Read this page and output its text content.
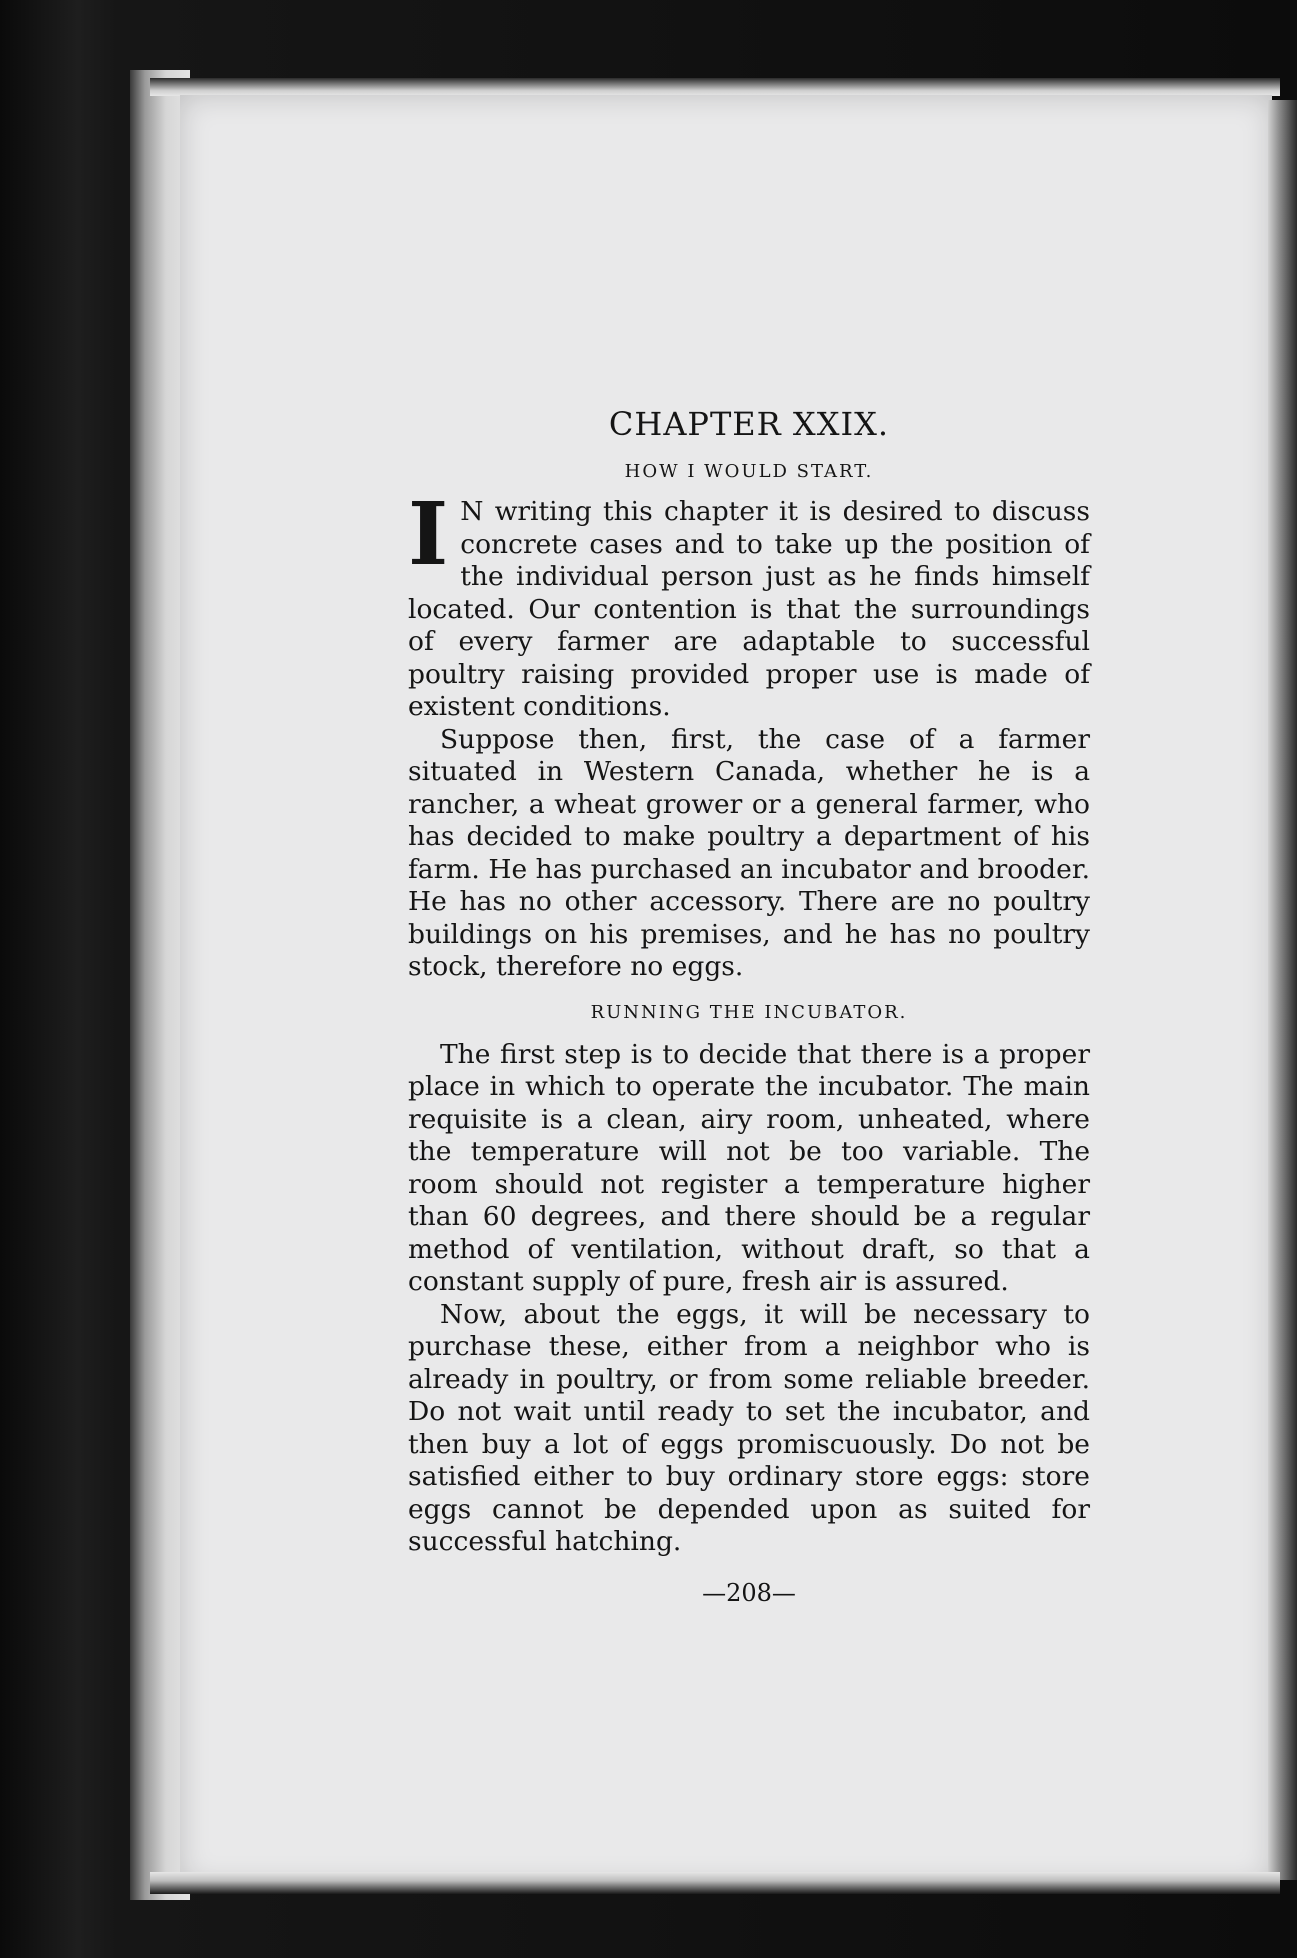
CHAPTER XXIX.
HOW I WOULD START.

I N writing this chapter it is desired to discuss concrete cases and to take up the position of the individual person just as he finds himself located. Our contention is that the surroundings of every farmer are adaptable to successful poultry raising provided proper use is made of existent conditions.

Suppose then, first, the case of a farmer situated in Western Canada, whether he is a rancher, a wheat grower or a general farmer, who has decided to make poultry a department of his farm. He has purchased an incubator and brooder. He has no other accessory. There are no poultry buildings on his premises, and he has no poultry stock, therefore no eggs.

RUNNING THE INCUBATOR.

The first step is to decide that there is a proper place in which to operate the incubator. The main requisite is a clean, airy room, unheated, where the temperature will not be too variable. The room should not register a temperature higher than 60 degrees, and there should be a regular method of ventilation, without draft, so that a constant supply of pure, fresh air is assured.

Now, about the eggs, it will be necessary to purchase these, either from a neighbor who is already in poultry, or from some reliable breeder. Do not wait until ready to set the incubator, and then buy a lot of eggs promiscuously. Do not be satisfied either to buy ordinary store eggs: store eggs cannot be depended upon as suited for successful hatching.

—208—
